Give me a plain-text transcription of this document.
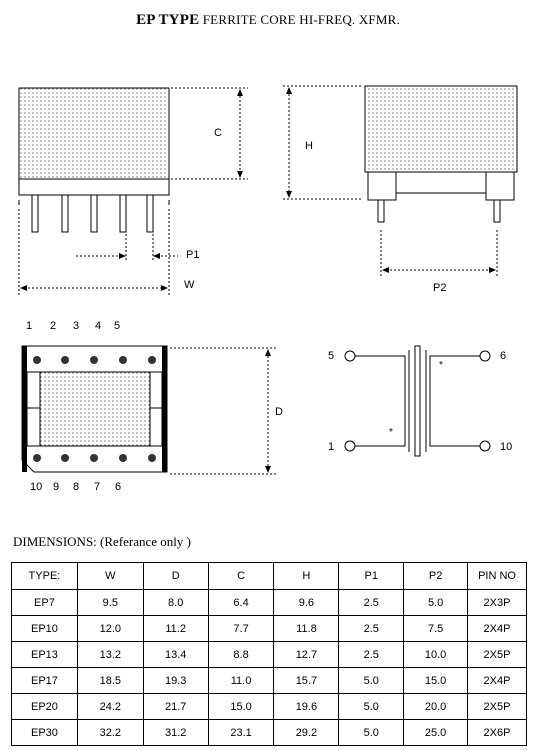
EP TYPE FERRITE CORE HI-FREQ. XFMR.
C
H
P1
W	P2
D
1 2 3 4 5
10 9 8 7 6
5	6
1	10
*
*
DIMENSIONS: (Referance only )
TYPE:	W	D	C	H	P1	P2	PIN NO
EP7	9.5	8.0	6.4	9.6	2.5	5.0	2X3P
EP10	12.0	11.2	7.7	11.8	2.5	7.5	2X4P
EP13	13.2	13.4	8.8	12.7	2.5	10.0	2X5P
EP17	18.5	19.3	11.0	15.7	5.0	15.0	2X4P
EP20	24.2	21.7	15.0	19.6	5.0	20.0	2X5P
EP30	32.2	31.2	23.1	29.2	5.0	25.0	2X6P
